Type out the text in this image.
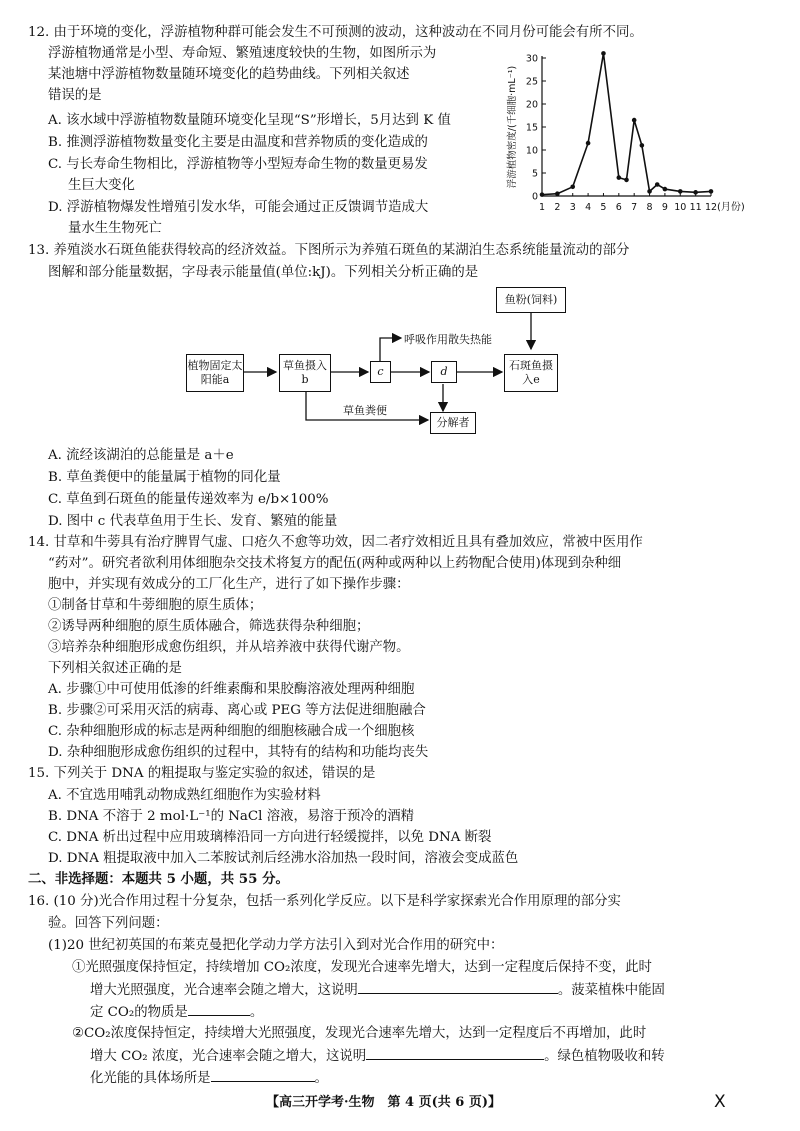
12. 由于环境的变化，浮游植物种群可能会发生不可预测的波动，这种波动在不同月份可能会有所不同。
浮游植物通常是小型、寿命短、繁殖速度较快的生物，如图所示为
某池塘中浮游植物数量随环境变化的趋势曲线。下列相关叙述
错误的是
A. 该水域中浮游植物数量随环境变化呈现“S”形增长，5月达到 K 值
B. 推测浮游植物数量变化主要是由温度和营养物质的变化造成的
C. 与长寿命生物相比，浮游植物等小型短寿命生物的数量更易发
生巨大变化
D. 浮游植物爆发性增殖引发水华，可能会通过正反馈调节造成大
量水生生物死亡
0
5
10
15
20
25
30
1 2 3 4 5 6 7 8 9 10 11 12 (月份)
浮游植物密度/(千细胞·mL⁻¹)
13. 养殖淡水石斑鱼能获得较高的经济效益。下图所示为养殖石斑鱼的某湖泊生态系统能量流动的部分
图解和部分能量数据，字母表示能量值(单位:kJ)。下列相关分析正确的是
植物固定太阳能a
草鱼摄入b
c	d	石斑鱼摄入e
鱼粉(饲料)
分解者
呼吸作用散失热能
草鱼粪便
A. 流经该湖泊的总能量是 a＋e
B. 草鱼粪便中的能量属于植物的同化量
C. 草鱼到石斑鱼的能量传递效率为 e/b×100%
D. 图中 c 代表草鱼用于生长、发育、繁殖的能量
14. 甘草和牛蒡具有治疗脾胃气虚、口疮久不愈等功效，因二者疗效相近且具有叠加效应，常被中医用作
“药对”。研究者欲利用体细胞杂交技术将复方的配伍(两种或两种以上药物配合使用)体现到杂种细
胞中，并实现有效成分的工厂化生产，进行了如下操作步骤：
①制备甘草和牛蒡细胞的原生质体；
②诱导两种细胞的原生质体融合，筛选获得杂种细胞；
③培养杂种细胞形成愈伤组织，并从培养液中获得代谢产物。
下列相关叙述正确的是
A. 步骤①中可使用低渗的纤维素酶和果胶酶溶液处理两种细胞
B. 步骤②可采用灭活的病毒、离心或 PEG 等方法促进细胞融合
C. 杂种细胞形成的标志是两种细胞的细胞核融合成一个细胞核
D. 杂种细胞形成愈伤组织的过程中，其特有的结构和功能均丧失
15. 下列关于 DNA 的粗提取与鉴定实验的叙述，错误的是
A. 不宜选用哺乳动物成熟红细胞作为实验材料
B. DNA 不溶于 2 mol·L⁻¹的 NaCl 溶液，易溶于预冷的酒精
C. DNA 析出过程中应用玻璃棒沿同一方向进行轻缓搅拌，以免 DNA 断裂
D. DNA 粗提取液中加入二苯胺试剂后经沸水浴加热一段时间，溶液会变成蓝色
二、非选择题：本题共 5 小题，共 55 分。
16. (10 分)光合作用过程十分复杂，包括一系列化学反应。以下是科学家探索光合作用原理的部分实
验。回答下列问题：
(1)20 世纪初英国的布莱克曼把化学动力学方法引入到对光合作用的研究中：
①光照强度保持恒定，持续增加 CO₂浓度，发现光合速率先增大，达到一定程度后保持不变，此时
增大光照强度，光合速率会随之增大，这说明	。菠菜植株中能固
定 CO₂的物质是	。
②CO₂浓度保持恒定，持续增大光照强度，发现光合速率先增大，达到一定程度后不再增加，此时
增大 CO₂ 浓度，光合速率会随之增大，这说明	。绿色植物吸收和转
化光能的具体场所是	。
【高三开学考·生物　第 4 页(共 6 页)】	X
